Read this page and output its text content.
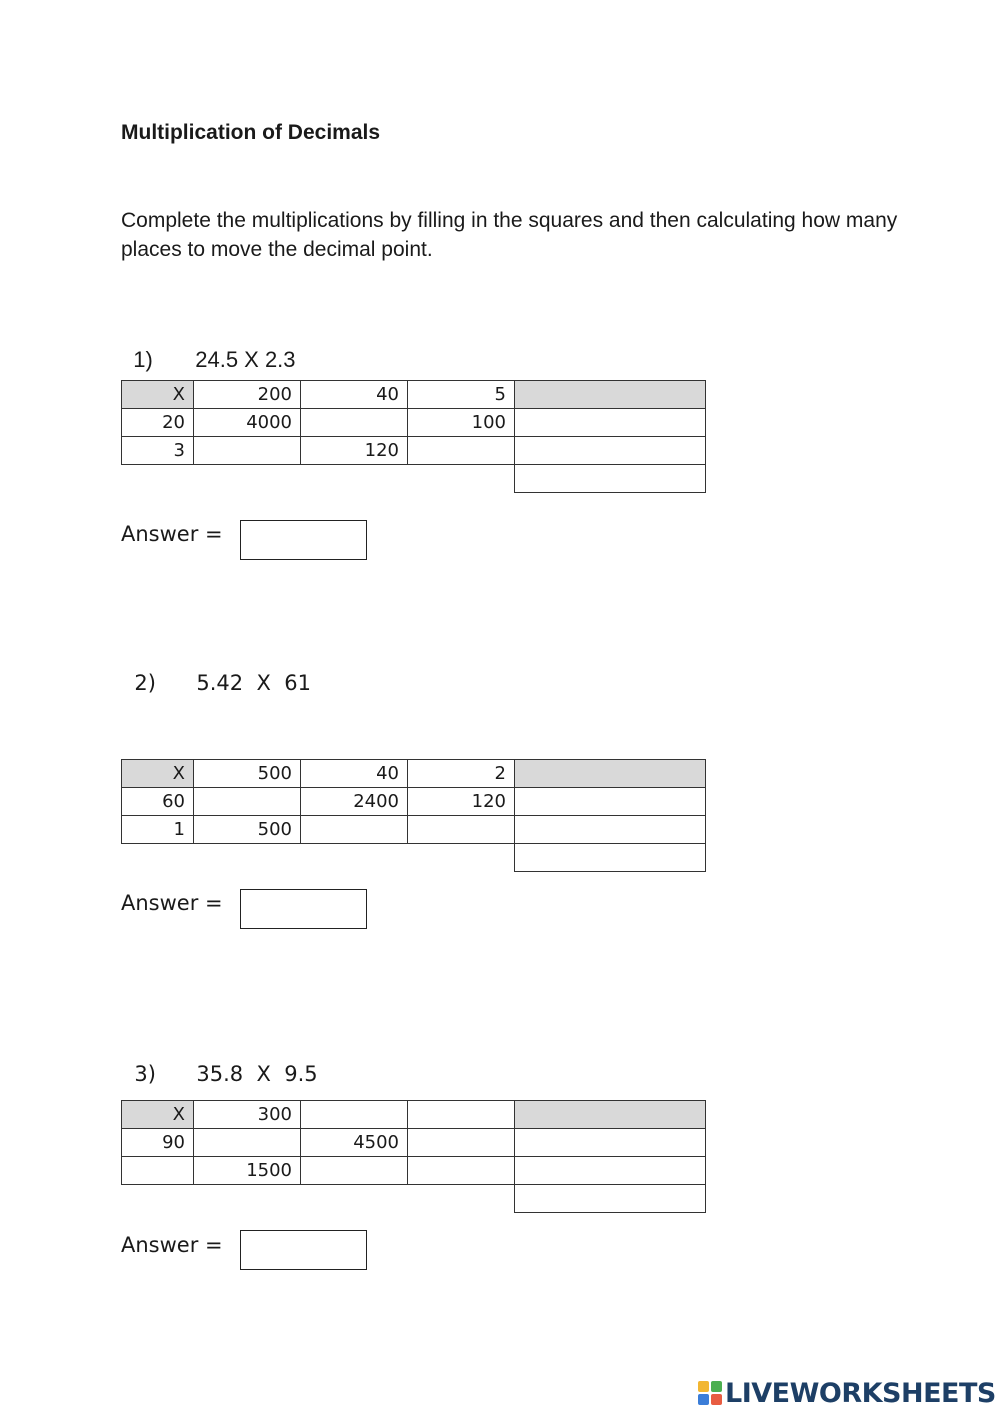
Multiplication of Decimals
Complete the multiplications by filling in the squares and then calculating how many places to move the decimal point.

1) 24.5 X 2.3

X	200	40	5	
20	4000		100	
3		120		

Answer =

2) 5.42  X  61

X	500	40	2	
60		2400	120	
1	500			

Answer =

3) 35.8  X  9.5

X	300			
90		4500		
	1500			

Answer =
LIVEWORKSHEETS
